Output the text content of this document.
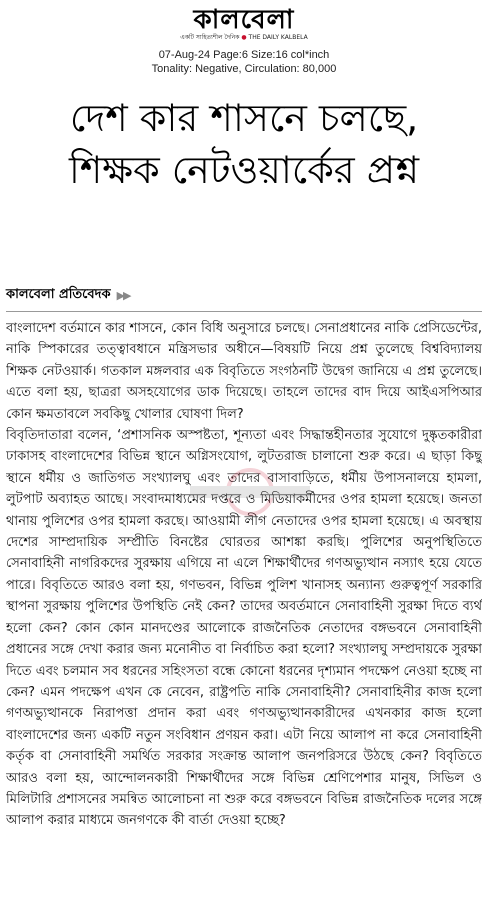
কালবেলা
একটি সাহিত্যশীল দৈনিক ● THE DAILY KALBELA
07-Aug-24 Page:6 Size:16 col*inch
Tonality: Negative, Circulation: 80,000
দেশ কার শাসনে চলছে, শিক্ষক নেটওয়ার্কের প্রশ্ন
কালবেলা প্রতিবেদক ▶▶

বাংলাদেশ বর্তমানে কার শাসনে, কোন বিধি অনুসারে চলছে। সেনাপ্রধানের নাকি প্রেসিডেন্টের, নাকি স্পিকারের তত্ত্বাবধানে মন্ত্রিসভার অধীনে—বিষয়টি নিয়ে প্রশ্ন তুলেছে বিশ্ববিদ্যালয় শিক্ষক নেটওয়ার্ক। গতকাল মঙ্গলবার এক বিবৃতিতে সংগঠনটি উদ্বেগ জানিয়ে এ প্রশ্ন তুলেছে। এতে বলা হয়, ছাত্ররা অসহযোগের ডাক দিয়েছে। তাহলে তাদের বাদ দিয়ে আইএসপিআর কোন ক্ষমতাবলে সবকিছু খোলার ঘোষণা দিল?

বিবৃতিদাতারা বলেন, ‘প্রশাসনিক অস্পষ্টতা, শূন্যতা এবং সিদ্ধান্তহীনতার সুযোগে দুষ্কৃতকারীরা ঢাকাসহ বাংলাদেশের বিভিন্ন স্থানে অগ্নিসংযোগ, লুটতরাজ চালানো শুরু করে। এ ছাড়া কিছু স্থানে ধর্মীয় ও জাতিগত সংখ্যালঘু এবং তাদের বাসাবাড়িতে, ধর্মীয় উপাসনালয়ে হামলা, লুটপাট অব্যাহত আছে। সংবাদমাধ্যমের দপ্তরে ও মিডিয়াকর্মীদের ওপর হামলা হয়েছে। জনতা থানায় পুলিশের ওপর হামলা করছে। আওয়ামী লীগ নেতাদের ওপর হামলা হয়েছে। এ অবস্থায় দেশের সাম্প্রদায়িক সম্প্রীতি বিনষ্টের ঘোরতর আশঙ্কা করছি। পুলিশের অনুপস্থিতিতে সেনাবাহিনী নাগরিকদের সুরক্ষায় এগিয়ে না এলে শিক্ষার্থীদের গণঅভ্যুত্থান নস্যাৎ হয়ে যেতে পারে। বিবৃতিতে আরও বলা হয়, গণভবন, বিভিন্ন পুলিশ খানাসহ অন্যান্য গুরুত্বপূর্ণ সরকারি স্থাপনা সুরক্ষায় পুলিশের উপস্থিতি নেই কেন? তাদের অবর্তমানে সেনাবাহিনী সুরক্ষা দিতে ব্যর্থ হলো কেন? কোন কোন মানদণ্ডের আলোকে রাজনৈতিক নেতাদের বঙ্গভবনে সেনাবাহিনী প্রধানের সঙ্গে দেখা করার জন্য মনোনীত বা নির্বাচিত করা হলো? সংখ্যালঘু সম্প্রদায়কে সুরক্ষা দিতে এবং চলমান সব ধরনের সহিংসতা বন্ধে কোনো ধরনের দৃশ্যমান পদক্ষেপ নেওয়া হচ্ছে না কেন? এমন পদক্ষেপ এখন কে নেবেন, রাষ্ট্রপতি নাকি সেনাবাহিনী? সেনাবাহিনীর কাজ হলো গণঅভ্যুত্থানকে নিরাপত্তা প্রদান করা এবং গণঅভ্যুত্থানকারীদের এখনকার কাজ হলো বাংলাদেশের জন্য একটি নতুন সংবিধান প্রণয়ন করা। এটা নিয়ে আলাপ না করে সেনাবাহিনী কর্তৃক বা সেনাবাহিনী সমর্থিত সরকার সংক্রান্ত আলাপ জনপরিসরে উঠছে কেন? বিবৃতিতে আরও বলা হয়, আন্দোলনকারী শিক্ষার্থীদের সঙ্গে বিভিন্ন শ্রেণিপেশার মানুষ, সিভিল ও মিলিটারি প্রশাসনের সমন্বিত আলোচনা না শুরু করে বঙ্গভবনে বিভিন্ন রাজনৈতিক দলের সঙ্গে আলাপ করার মাধ্যমে জনগণকে কী বার্তা দেওয়া হচ্ছে?
